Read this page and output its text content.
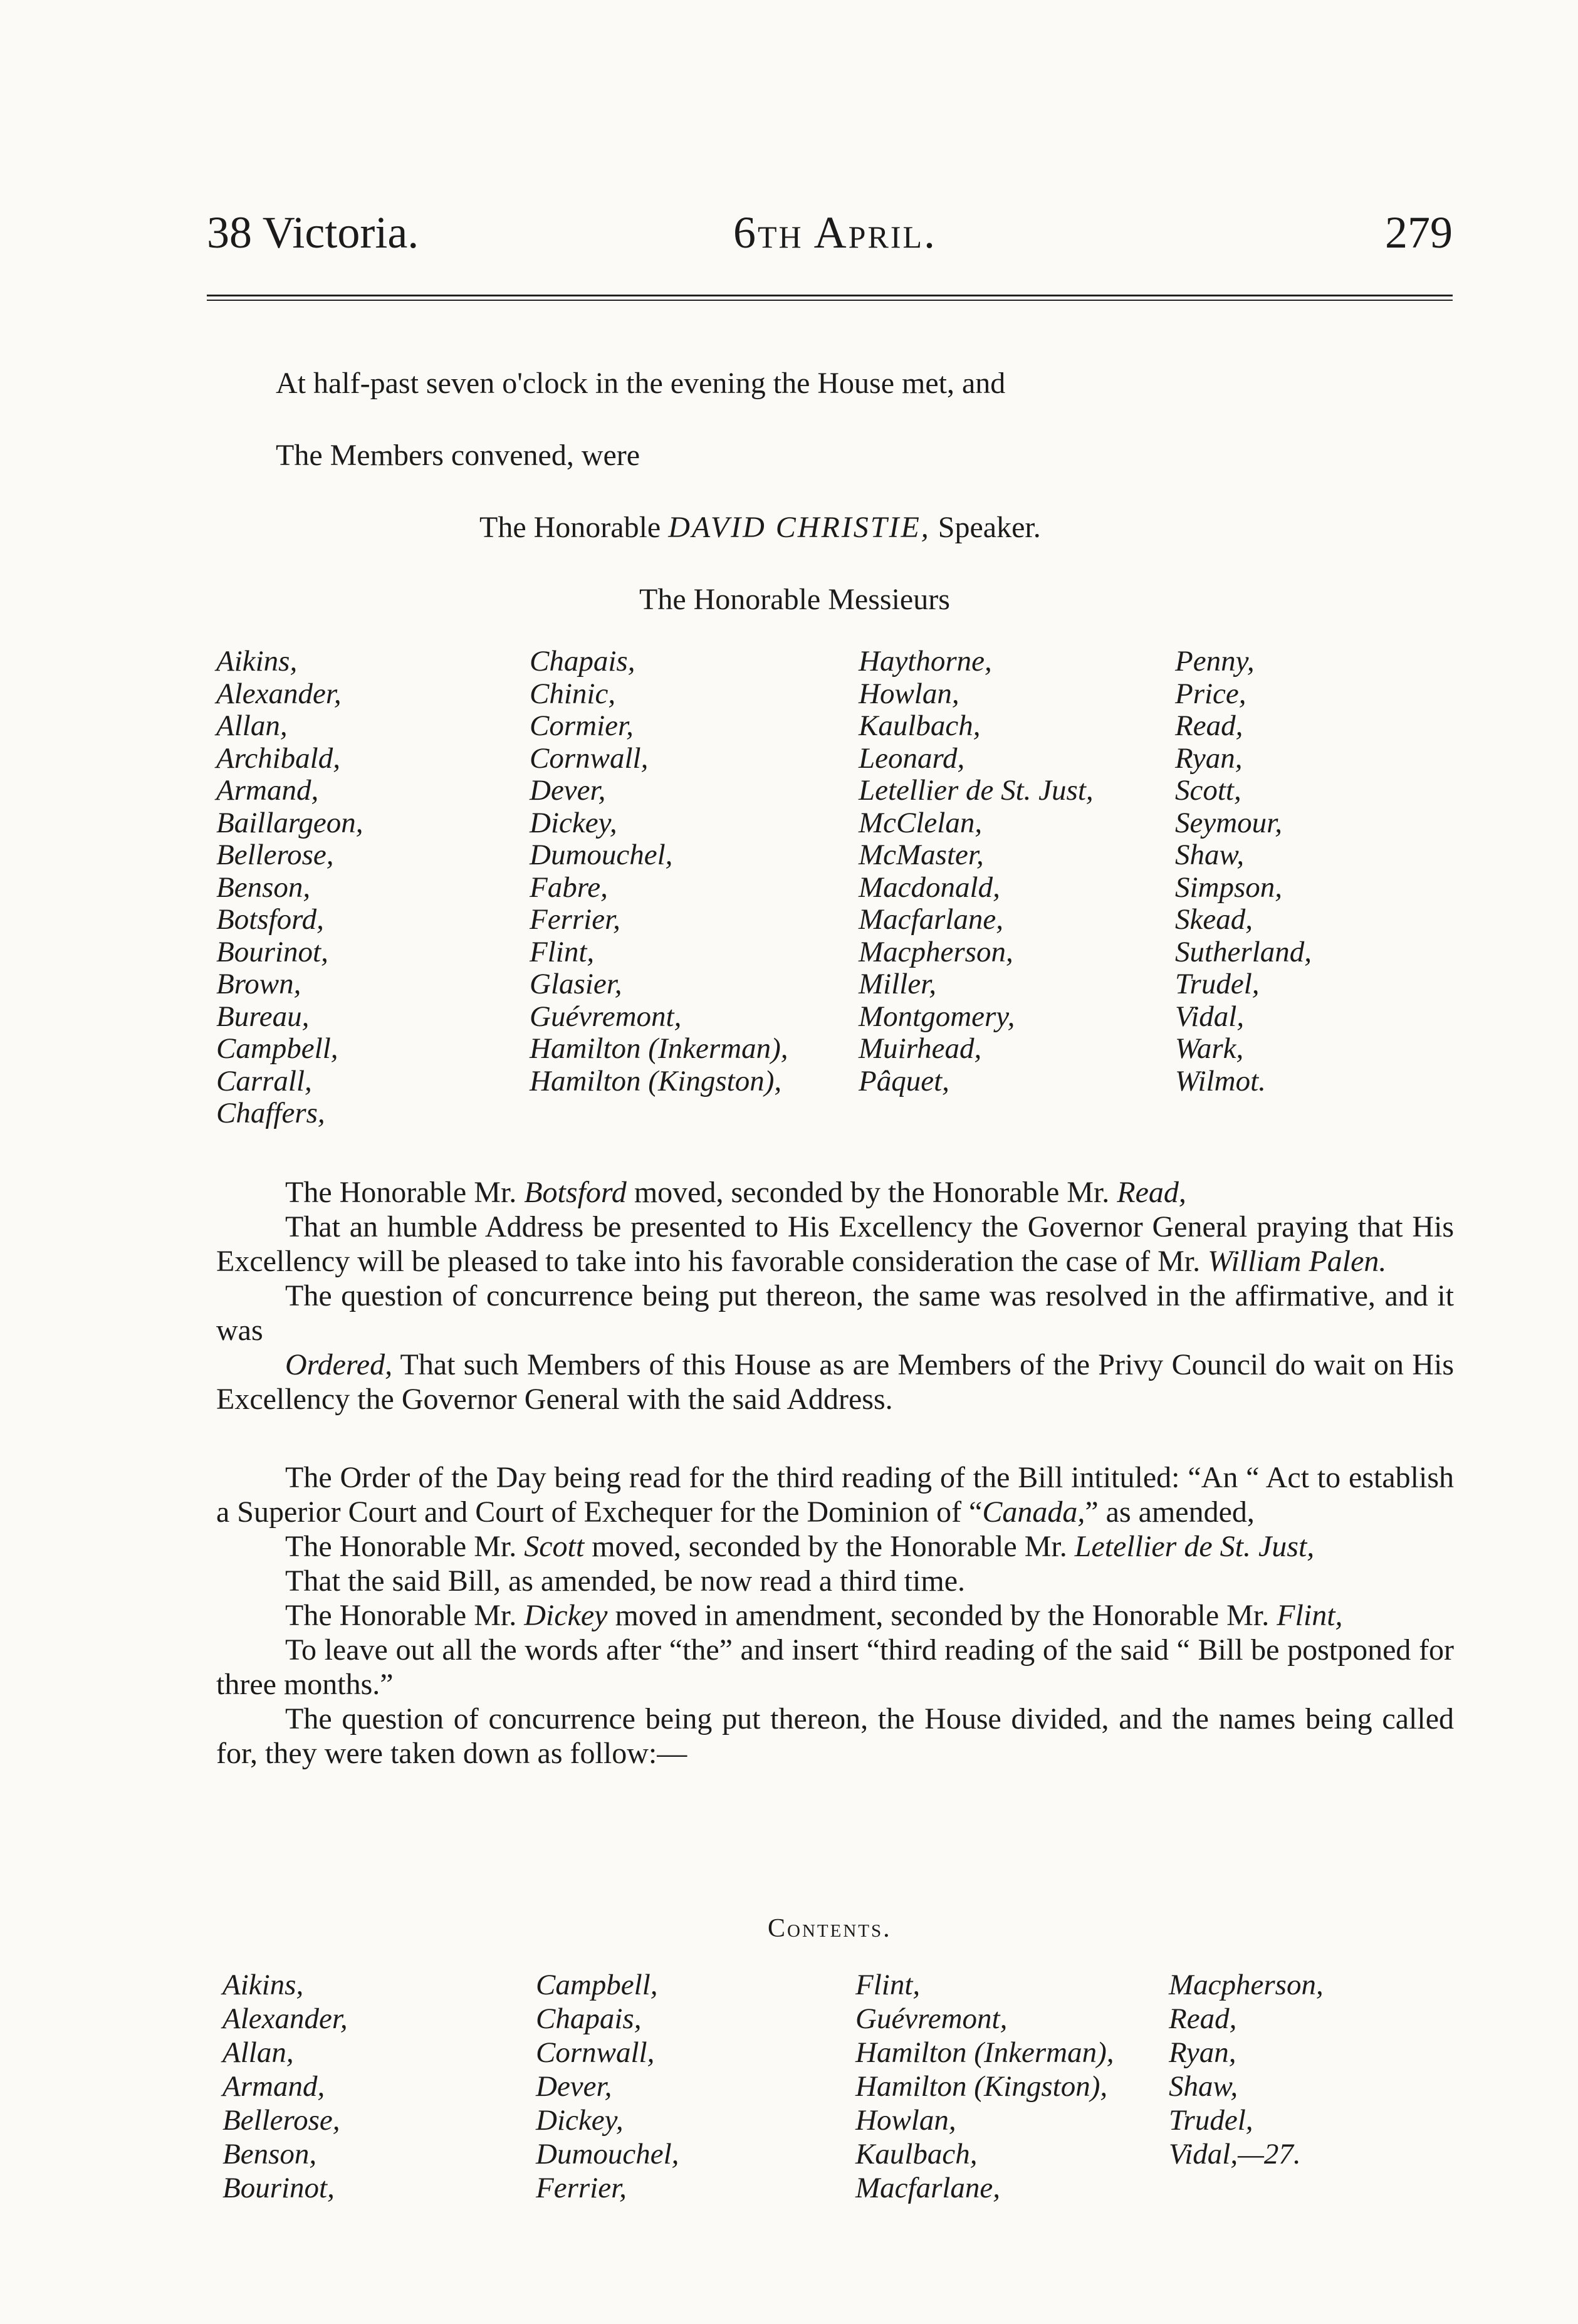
38 Victoria.	6th April.	279
At half-past seven o'clock in the evening the House met, and
The Members convened, were
The Honorable DAVID CHRISTIE, Speaker.
The Honorable Messieurs
Aikins,
Alexander,
Allan,
Archibald,
Armand,
Baillargeon,
Bellerose,
Benson,
Botsford,
Bourinot,
Brown,
Bureau,
Campbell,
Carrall,
Chaffers,
Chapais,
Chinic,
Cormier,
Cornwall,
Dever,
Dickey,
Dumouchel,
Fabre,
Ferrier,
Flint,
Glasier,
Guévremont,
Hamilton (Inkerman),
Hamilton (Kingston),
Haythorne,
Howlan,
Kaulbach,
Leonard,
Letellier de St. Just,
McClelan,
McMaster,
Macdonald,
Macfarlane,
Macpherson,
Miller,
Montgomery,
Muirhead,
Pâquet,
Penny,
Price,
Read,
Ryan,
Scott,
Seymour,
Shaw,
Simpson,
Skead,
Sutherland,
Trudel,
Vidal,
Wark,
Wilmot.

The Honorable Mr. Botsford moved, seconded by the Honorable Mr. Read,

That an humble Address be presented to His Excellency the Governor General praying that His Excellency will be pleased to take into his favorable consideration the case of Mr. William Palen.

The question of concurrence being put thereon, the same was resolved in the affirmative, and it was

Ordered, That such Members of this House as are Members of the Privy Council do wait on His Excellency the Governor General with the said Address.

The Order of the Day being read for the third reading of the Bill intituled: “An “ Act to establish a Superior Court and Court of Exchequer for the Dominion of “Canada,” as amended,

The Honorable Mr. Scott moved, seconded by the Honorable Mr. Letellier de St. Just,

That the said Bill, as amended, be now read a third time.

The Honorable Mr. Dickey moved in amendment, seconded by the Honorable Mr. Flint,

To leave out all the words after “the” and insert “third reading of the said “ Bill be postponed for three months.”

The question of concurrence being put thereon, the House divided, and the names being called for, they were taken down as follow:—

Contents.
Aikins,
Alexander,
Allan,
Armand,
Bellerose,
Benson,
Bourinot,
Campbell,
Chapais,
Cornwall,
Dever,
Dickey,
Dumouchel,
Ferrier,
Flint,
Guévremont,
Hamilton (Inkerman),
Hamilton (Kingston),
Howlan,
Kaulbach,
Macfarlane,
Macpherson,
Read,
Ryan,
Shaw,
Trudel,
Vidal,—27.
